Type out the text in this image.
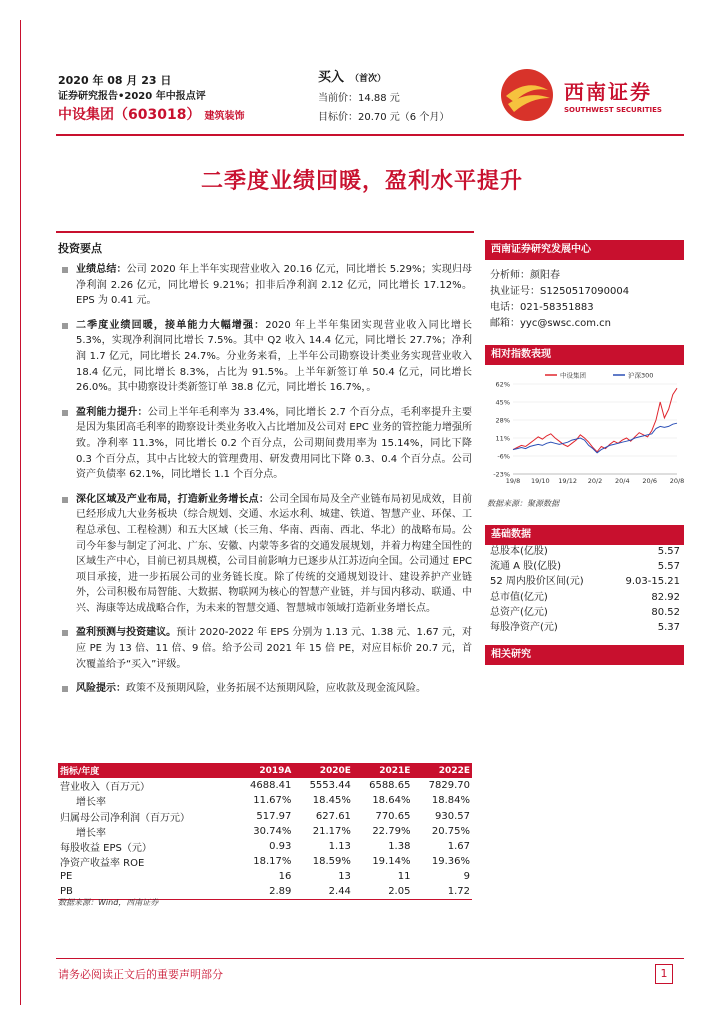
2020 年 08 月 23 日
证券研究报告•2020 年中报点评
中设集团（603018） 建筑装饰
买入 （首次）
当前价：14.88 元
目标价：20.70 元（6 个月）
西南证券
SOUTHWEST SECURITIES
二季度业绩回暖，盈利水平提升
投资要点
业绩总结：公司 2020 年上半年实现营业收入 20.16 亿元，同比增长 5.29%；实现归母净利润 2.26 亿元，同比增长 9.21%；扣非后净利润 2.12 亿元，同比增长 17.12%。EPS 为 0.41 元。
二季度业绩回暖，接单能力大幅增强：2020 年上半年集团实现营业收入同比增长 5.3%，实现净利润同比增长 7.5%。其中 Q2 收入 14.4 亿元，同比增长 27.7%；净利润 1.7 亿元，同比增长 24.7%。分业务来看，上半年公司勘察设计类业务实现营业收入 18.4 亿元，同比增长 8.3%，占比为 91.5%。上半年新签订单 50.4 亿元，同比增长 26.0%。其中勘察设计类新签订单 38.8 亿元，同比增长 16.7%，。
盈利能力提升：公司上半年毛利率为 33.4%，同比增长 2.7 个百分点，毛利率提升主要是因为集团高毛利率的勘察设计类业务收入占比增加及公司对 EPC 业务的管控能力增强所致。净利率 11.3%，同比增长 0.2 个百分点，公司期间费用率为 15.14%，同比下降 0.3 个百分点，其中占比较大的管理费用、研发费用同比下降 0.3、0.4 个百分点。公司资产负债率 62.1%，同比增长 1.1 个百分点。
深化区域及产业布局，打造新业务增长点：公司全国布局及全产业链布局初见成效，目前已经形成九大业务板块（综合规划、交通、水运水利、城建、铁道、智慧产业、环保、工程总承包、工程检测）和五大区域（长三角、华南、西南、西北、华北）的战略布局。公司今年参与制定了河北、广东、安徽、内蒙等多省的交通发展规划，并着力构建全国性的区域生产中心，目前已初具规模，公司目前影响力已逐步从江苏迈向全国。公司通过 EPC 项目承接，进一步拓展公司的业务链长度。除了传统的交通规划设计、建设养护产业链外，公司积极布局智能、大数据、物联网为核心的智慧产业链，并与国内移动、联通、中兴、海康等达成战略合作，为未来的智慧交通、智慧城市领域打造新业务增长点。
盈利预测与投资建议。预计 2020-2022 年 EPS 分别为 1.13 元、1.38 元、1.67 元，对应 PE 为 13 倍、11 倍、9 倍。给予公司 2021 年 15 倍 PE，对应目标价 20.7 元，首次覆盖给予“买入”评级。
风险提示：政策不及预期风险，业务拓展不达预期风险，应收款及现金流风险。
西南证券研究发展中心
分析师：颜阳春
执业证号：S1250517090004
电话：021-58351883
邮箱：yyc@swsc.com.cn
相对指数表现
62%
45%
28%
11%
-6%
-23%
19/8 19/10 19/12 20/2 20/4 20/6 20/8
中设集团	沪深300
数据来源：聚源数据
基础数据
总股本(亿股)	5.57
流通 A 股(亿股)	5.57
52 周内股价区间(元)	9.03-15.21
总市值(亿元)	82.92
总资产(亿元)	80.52
每股净资产(元)	5.37
相关研究
指标/年度	2019A	2020E	2021E	2022E
营业收入（百万元）	4688.41	5553.44	6588.65	7829.70
增长率	11.67%	18.45%	18.64%	18.84%
归属母公司净利润（百万元）	517.97	627.61	770.65	930.57
增长率	30.74%	21.17%	22.79%	20.75%
每股收益 EPS（元）	0.93	1.13	1.38	1.67
净资产收益率 ROE	18.17%	18.59%	19.14%	19.36%
PE	16	13	11	9
PB	2.89	2.44	2.05	1.72
数据来源：Wind，西南证券
请务必阅读正文后的重要声明部分	1
